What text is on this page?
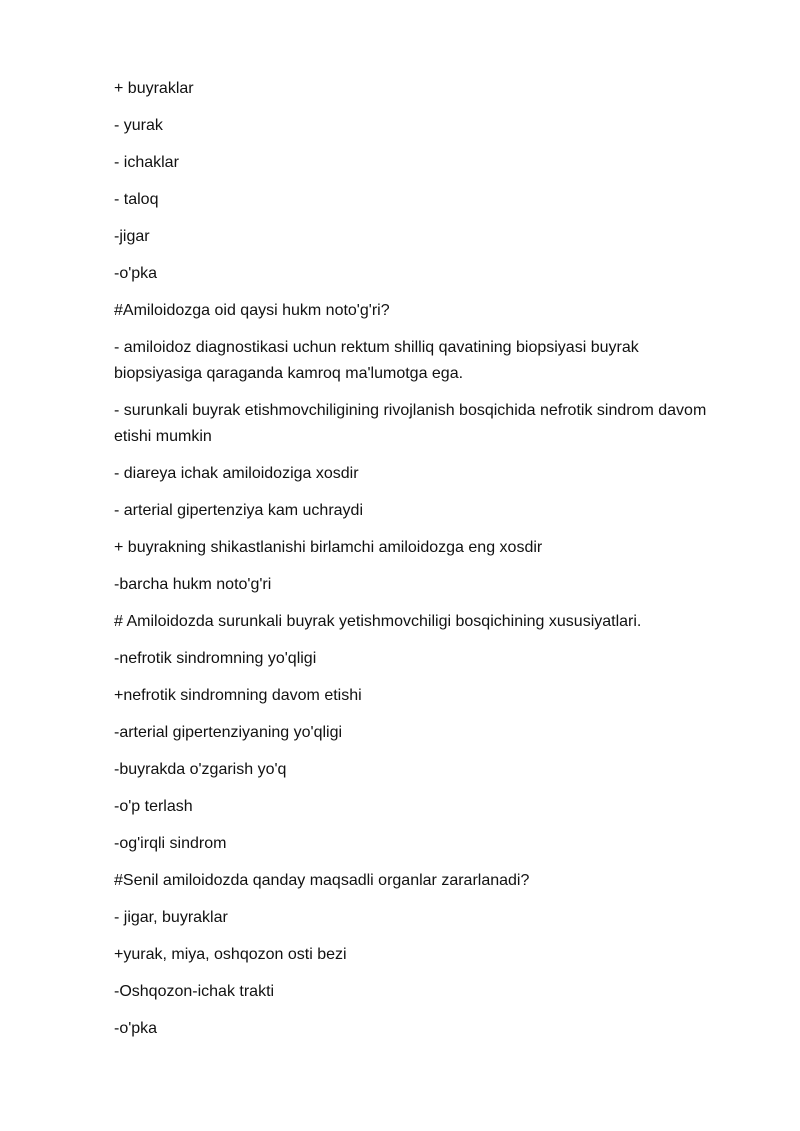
+ buyraklar

- yurak

- ichaklar

- taloq

-jigar

-o'pka

#Amiloidozga oid qaysi hukm noto'g'ri?

- amiloidoz diagnostikasi uchun rektum shilliq qavatining biopsiyasi buyrak biopsiyasiga qaraganda kamroq ma'lumotga ega.

- surunkali buyrak etishmovchiligining rivojlanish bosqichida nefrotik sindrom davom etishi mumkin

- diareya ichak amiloidoziga xosdir

- arterial gipertenziya kam uchraydi

+ buyrakning shikastlanishi birlamchi amiloidozga eng xosdir

-barcha hukm noto'g'ri

# Amiloidozda surunkali buyrak yetishmovchiligi bosqichining xususiyatlari.

-nefrotik sindromning yo'qligi

+nefrotik sindromning davom etishi

-arterial gipertenziyaning yo'qligi

-buyrakda o'zgarish yo'q

-o'p terlash

-og'irqli sindrom

#Senil amiloidozda qanday maqsadli organlar zararlanadi?

- jigar, buyraklar

+yurak, miya, oshqozon osti bezi

-Oshqozon-ichak trakti

-o'pka
